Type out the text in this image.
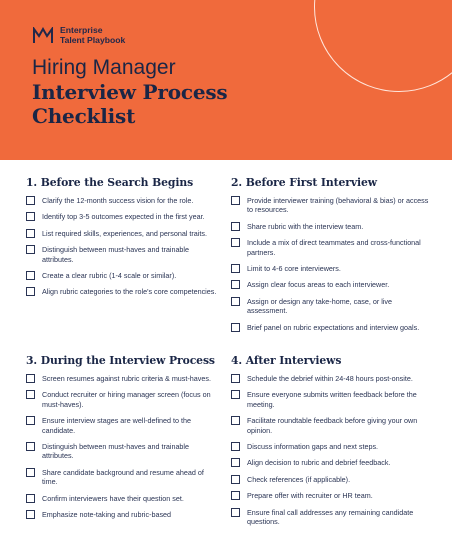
Enterprise
Talent Playbook
Hiring Manager
Interview Process
Checklist
1. Before the Search Begins
Clarify the 12-month success vision for the role.
Identify top 3-5 outcomes expected in the first year.
List required skills, experiences, and personal traits.
Distinguish between must-haves and trainable attributes.
Create a clear rubric (1-4 scale or similar).
Align rubric categories to the role's core competencies.
2. Before First Interview
Provide interviewer training (behavioral & bias) or access to resources.
Share rubric with the interview team.
Include a mix of direct teammates and cross-functional partners.
Limit to 4-6 core interviewers.
Assign clear focus areas to each interviewer.
Assign or design any take-home, case, or live assessment.
Brief panel on rubric expectations and interview goals.
3. During the Interview Process
Screen resumes against rubric criteria & must-haves.
Conduct recruiter or hiring manager screen (focus on must-haves).
Ensure interview stages are well-defined to the candidate.
Distinguish between must-haves and trainable attributes.
Share candidate background and resume ahead of time.
Confirm interviewers have their question set.
Emphasize note-taking and rubric-based
4. After Interviews
Schedule the debrief within 24-48 hours post-onsite.
Ensure everyone submits written feedback before the meeting.
Facilitate roundtable feedback before giving your own opinion.
Discuss information gaps and next steps.
Align decision to rubric and debrief feedback.
Check references (if applicable).
Prepare offer with recruiter or HR team.
Ensure final call addresses any remaining candidate questions.
